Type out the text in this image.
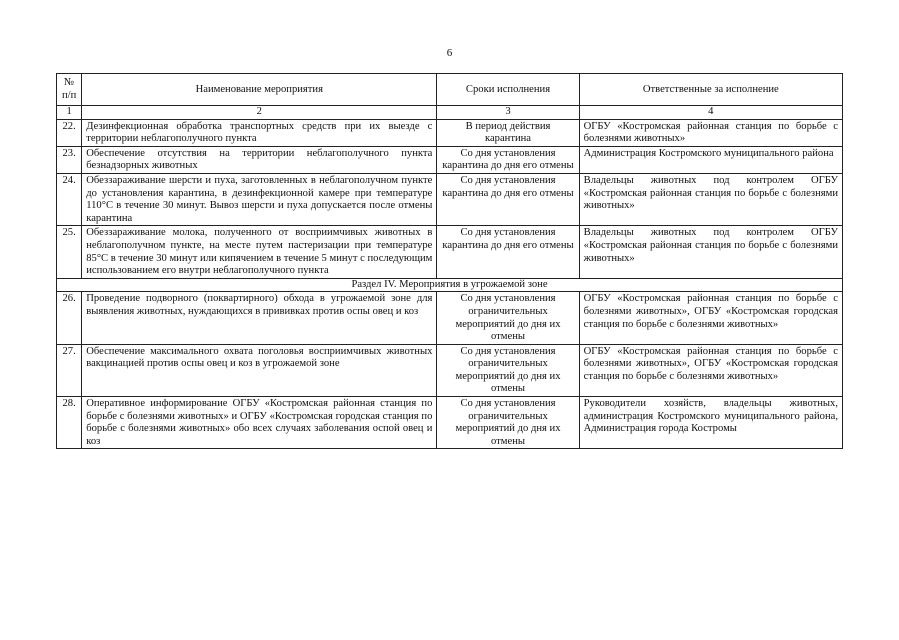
6
№ п/п	Наименование мероприятия	Сроки исполнения	Ответственные за исполнение
1	2	3	4
22.	Дезинфекционная обработка транспортных средств при их выезде с территории неблагополучного пункта	В период действия карантина	ОГБУ «Костромская районная станция по борьбе с болезнями животных»
23.	Обеспечение отсутствия на территории неблагополучного пункта безнадзорных животных	Со дня установления карантина до дня его отмены	Администрация Костромского муниципального района
24.	Обеззараживание шерсти и пуха, заготовленных в неблагополучном пункте до установления карантина, в дезинфекционной камере при температуре 110°С в течение 30 минут. Вывоз шерсти и пуха допускается после отмены карантина	Со дня установления карантина до дня его отмены	Владельцы животных под контролем ОГБУ «Костромская районная станция по борьбе с болезнями животных»
25.	Обеззараживание молока, полученного от восприимчивых животных в неблагополучном пункте, на месте путем пастеризации при температуре 85°С в течение 30 минут или кипячением в течение 5 минут с последующим использованием его внутри неблагополучного пункта	Со дня установления карантина до дня его отмены	Владельцы животных под контролем ОГБУ «Костромская районная станция по борьбе с болезнями животных»
Раздел IV. Мероприятия в угрожаемой зоне			
26.	Проведение подворного (поквартирного) обхода в угрожаемой зоне для выявления животных, нуждающихся в прививках против оспы овец и коз	Со дня установления ограничительных мероприятий до дня их отмены	ОГБУ «Костромская районная станция по борьбе с болезнями животных», ОГБУ «Костромская городская станция по борьбе с болезнями животных»
27.	Обеспечение максимального охвата поголовья восприимчивых животных вакцинацией против оспы овец и коз в угрожаемой зоне	Со дня установления ограничительных мероприятий до дня их отмены	ОГБУ «Костромская районная станция по борьбе с болезнями животных», ОГБУ «Костромская городская станция по борьбе с болезнями животных»
28.	Оперативное информирование ОГБУ «Костромская районная станция по борьбе с болезнями животных» и ОГБУ «Костромская городская станция по борьбе с болезнями животных» обо всех случаях заболевания оспой овец и коз	Со дня установления ограничительных мероприятий до дня их отмены	Руководители хозяйств, владельцы животных, администрация Костромского муниципального района, Администрация города Костромы
